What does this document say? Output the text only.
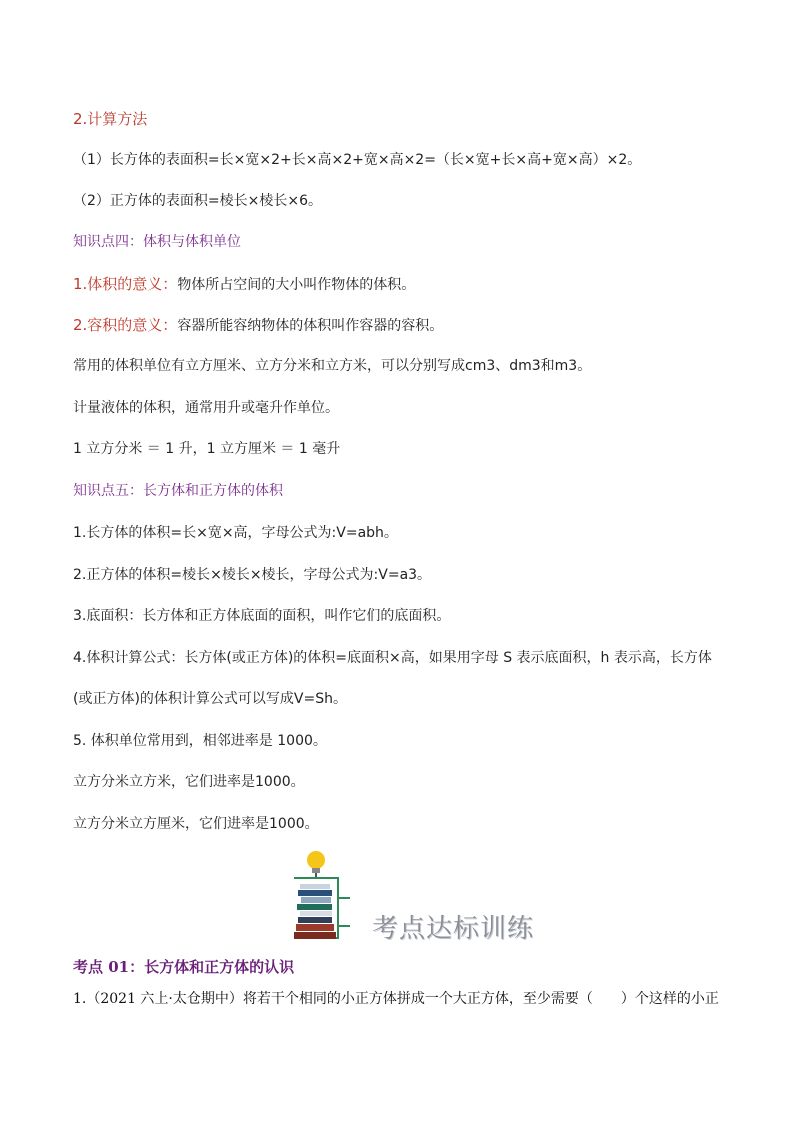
2.计算方法
（1）长方体的表面积=长×宽×2+长×高×2+宽×高×2=（长×宽+长×高+宽×高）×2。
（2）正方体的表面积=棱长×棱长×6。
知识点四：体积与体积单位
1.体积的意义：物体所占空间的大小叫作物体的体积。
2.容积的意义：容器所能容纳物体的体积叫作容器的容积。
常用的体积单位有立方厘米、立方分米和立方米，可以分别写成cm3、dm3和m3。
计量液体的体积，通常用升或毫升作单位。
1 立方分米 ＝ 1 升，1 立方厘米 ＝ 1 毫升
知识点五：长方体和正方体的体积
1.长方体的体积=长×宽×高，字母公式为:V=abh。
2.正方体的体积=棱长×棱长×棱长，字母公式为:V=a3。
3.底面积：长方体和正方体底面的面积，叫作它们的底面积。
4.体积计算公式：长方体(或正方体)的体积=底面积×高，如果用字母 S 表示底面积，h 表示高，长方体(或正方体)的体积计算公式可以写成V=Sh。
5. 体积单位常用到，相邻进率是 1000。
立方分米立方米，它们进率是1000。
立方分米立方厘米，它们进率是1000。
考点达标训练
考点 01：长方体和正方体的认识
1.（2021 六上·太仓期中）将若干个相同的小正方体拼成一个大正方体，至少需要（　　）个这样的小正
